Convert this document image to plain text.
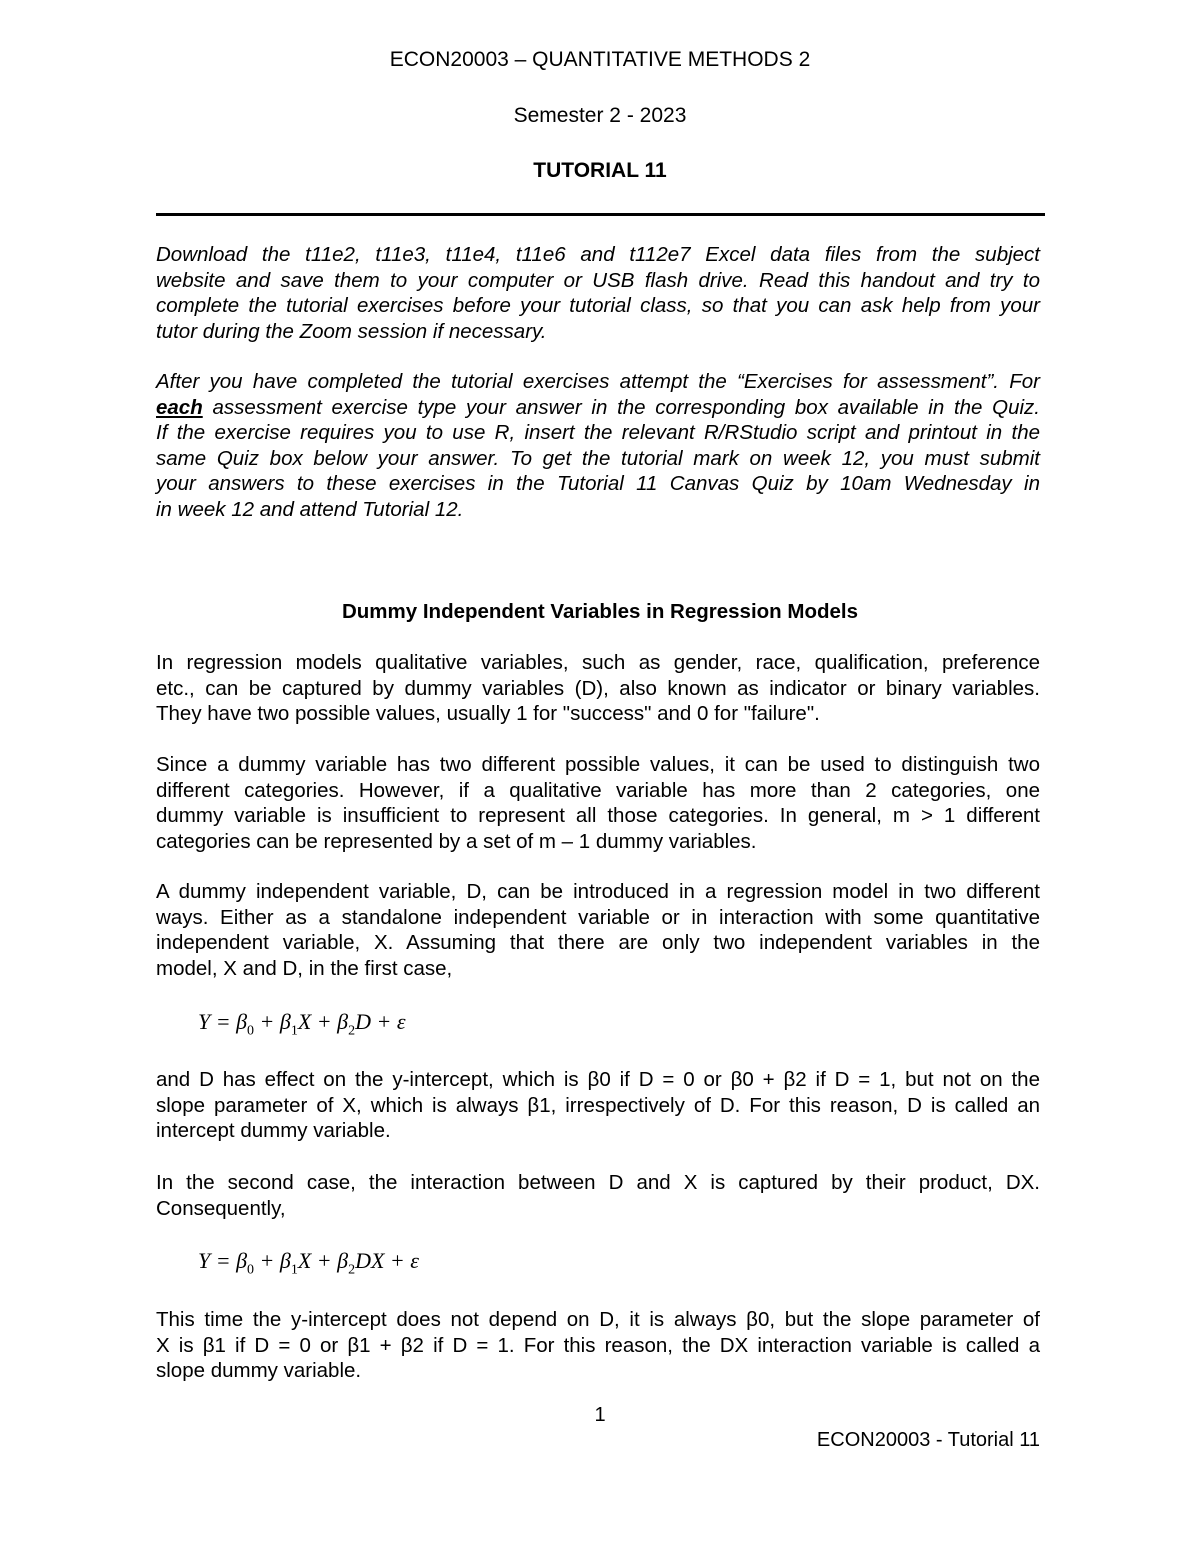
ECON20003 – QUANTITATIVE METHODS 2
Semester 2 - 2023
TUTORIAL 11
Download the t11e2, t11e3, t11e4, t11e6 and t112e7 Excel data files from the subject
website and save them to your computer or USB flash drive. Read this handout and try to
complete the tutorial exercises before your tutorial class, so that you can ask help from your
tutor during the Zoom session if necessary.
After you have completed the tutorial exercises attempt the “Exercises for assessment”. For
each assessment exercise type your answer in the corresponding box available in the Quiz.
If the exercise requires you to use R, insert the relevant R/RStudio script and printout in the
same Quiz box below your answer. To get the tutorial mark on week 12, you must submit
your answers to these exercises in the Tutorial 11 Canvas Quiz by 10am Wednesday in
in week 12 and attend Tutorial 12.
Dummy Independent Variables in Regression Models
In regression models qualitative variables, such as gender, race, qualification, preference
etc., can be captured by dummy variables (D), also known as indicator or binary variables.
They have two possible values, usually 1 for "success" and 0 for "failure".
Since a dummy variable has two different possible values, it can be used to distinguish two
different categories. However, if a qualitative variable has more than 2 categories, one
dummy variable is insufficient to represent all those categories. In general, m > 1 different
categories can be represented by a set of m – 1 dummy variables.
A dummy independent variable, D, can be introduced in a regression model in two different
ways. Either as a standalone independent variable or in interaction with some quantitative
independent variable, X. Assuming that there are only two independent variables in the
model, X and D, in the first case,
$Y = \beta_0 + \beta_1X + \beta_2D + \varepsilon$
and D has effect on the y-intercept, which is β0 if D = 0 or β0 + β2 if D = 1, but not on the
slope parameter of X, which is always β1, irrespectively of D. For this reason, D is called an
intercept dummy variable.
In the second case, the interaction between D and X is captured by their product, DX.
Consequently,
$Y = \beta_0 + \beta_1X + \beta_2DX + \varepsilon$
This time the y-intercept does not depend on D, it is always β0, but the slope parameter of
X is β1 if D = 0 or β1 + β2 if D = 1. For this reason, the DX interaction variable is called a
slope dummy variable.
1
ECON20003 - Tutorial 11
